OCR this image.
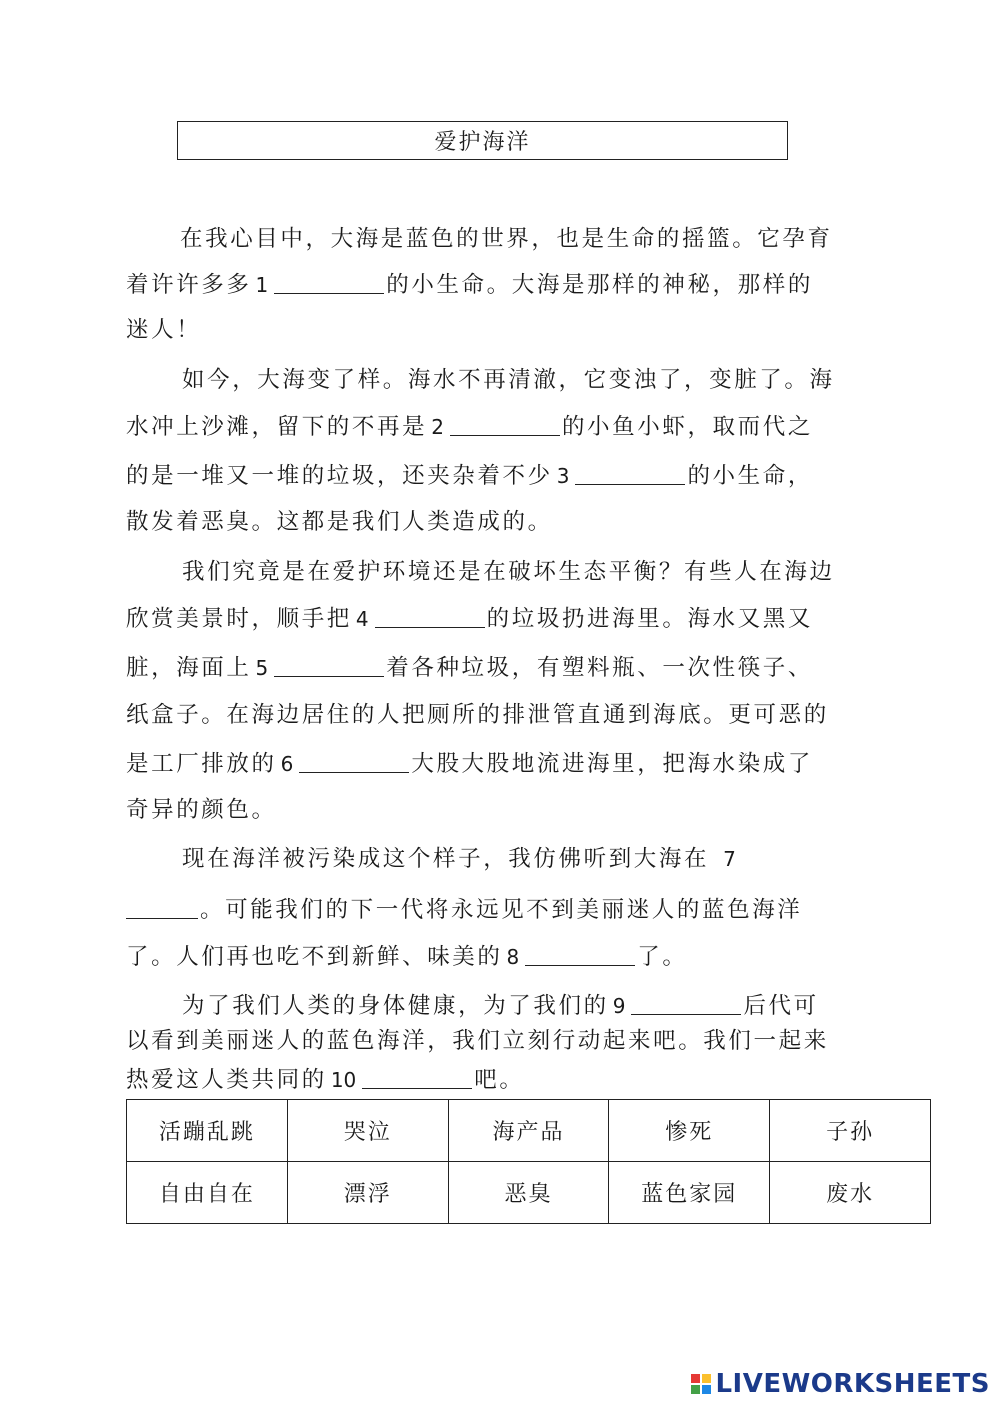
爱护海洋
在我心目中，大海是蓝色的世界，也是生命的摇篮。它孕育
着许许多多 1	的小生命。大海是那样的神秘，那样的
迷人！
如今，大海变了样。海水不再清澈，它变浊了，变脏了。海
水冲上沙滩，留下的不再是 2	的小鱼小虾，取而代之
的是一堆又一堆的垃圾，还夹杂着不少 3	的小生命，
散发着恶臭。这都是我们人类造成的。
我们究竟是在爱护环境还是在破坏生态平衡？有些人在海边
欣赏美景时，顺手把 4	的垃圾扔进海里。海水又黑又
脏，海面上 5	着各种垃圾，有塑料瓶、一次性筷子、
纸盒子。在海边居住的人把厕所的排泄管直通到海底。更可恶的
是工厂排放的 6	大股大股地流进海里，把海水染成了
奇异的颜色。
现在海洋被污染成这个样子，我仿佛听到大海在 7
。可能我们的下一代将永远见不到美丽迷人的蓝色海洋
了。人们再也吃不到新鲜、味美的 8	了。
为了我们人类的身体健康，为了我们的 9	后代可
以看到美丽迷人的蓝色海洋，我们立刻行动起来吧。我们一起来
热爱这人类共同的 10	吧。
活蹦乱跳	哭泣	海产品	惨死	子孙
自由自在	漂浮	恶臭	蓝色家园	废水
LIVEWORKSHEETS
